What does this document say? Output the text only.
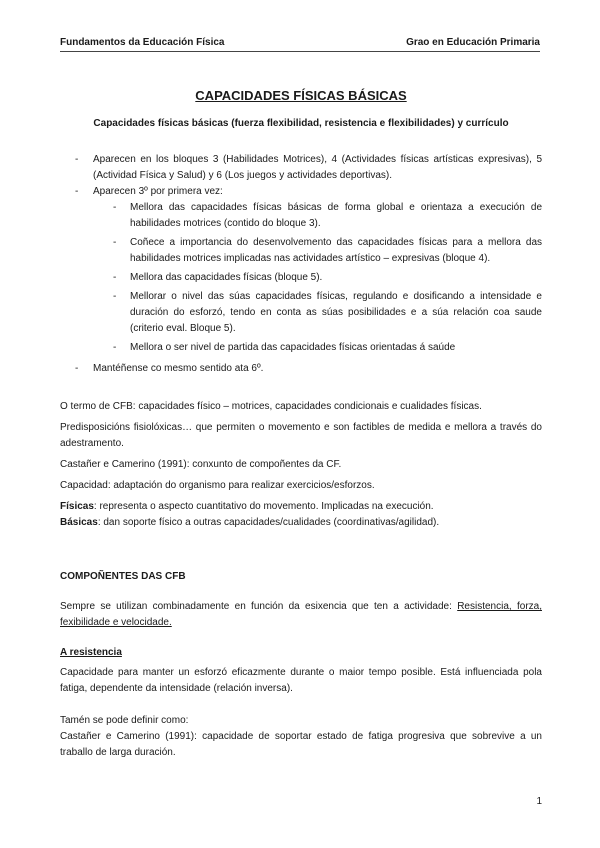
Fundamentos da Educación Física	Grao en Educación Primaria

CAPACIDADES FÍSICAS BÁSICAS

Capacidades físicas básicas (fuerza flexibilidad, resistencia e flexibilidades) y currículo

- Aparecen en los bloques 3 (Habilidades Motrices), 4 (Actividades físicas artísticas expresivas), 5 (Actividad Física y Salud) y 6 (Los juegos y actividades deportivas).
- Aparecen 3º por primera vez:
- Mellora das capacidades físicas básicas de forma global e orientaza a execución de habilidades motrices (contido do bloque 3).
- Coñece a importancia do desenvolvemento das capacidades físicas para a mellora das habilidades motrices implicadas nas actividades artístico – expresivas (bloque 4).
- Mellora das capacidades físicas (bloque 5).
- Mellorar o nivel das súas capacidades físicas, regulando e dosificando a intensidade e duración do esforzó, tendo en conta as súas posibilidades e a súa relación coa saude (criterio eval. Bloque 5).
- Mellora o ser nivel de partida das capacidades físicas orientadas á saúde
- Mantéñense co mesmo sentido ata 6º.

O termo de CFB: capacidades físico – motrices, capacidades condicionais e cualidades físicas.

Predisposicións fisiolóxicas… que permiten o movemento e son factibles de medida e mellora a través do adestramento.

Castañer e Camerino (1991): conxunto de compoñentes da CF.

Capacidad: adaptación do organismo para realizar exercicios/esforzos.

Físicas: representa o aspecto cuantitativo do movemento. Implicadas na execución.

Básicas: dan soporte físico a outras capacidades/cualidades (coordinativas/agilidad).

COMPOÑENTES DAS CFB

Sempre se utilizan combinadamente en función da esixencia que ten a actividade: Resistencia, forza, fexibilidade e velocidade.

A resistencia

Capacidade para manter un esforzó eficazmente durante o maior tempo posible. Está influenciada pola fatiga, dependente da intensidade (relación inversa).

Tamén se pode definir como:

Castañer e Camerino (1991): capacidade de soportar estado de fatiga progresiva que sobrevive a un traballo de larga duración.

1
